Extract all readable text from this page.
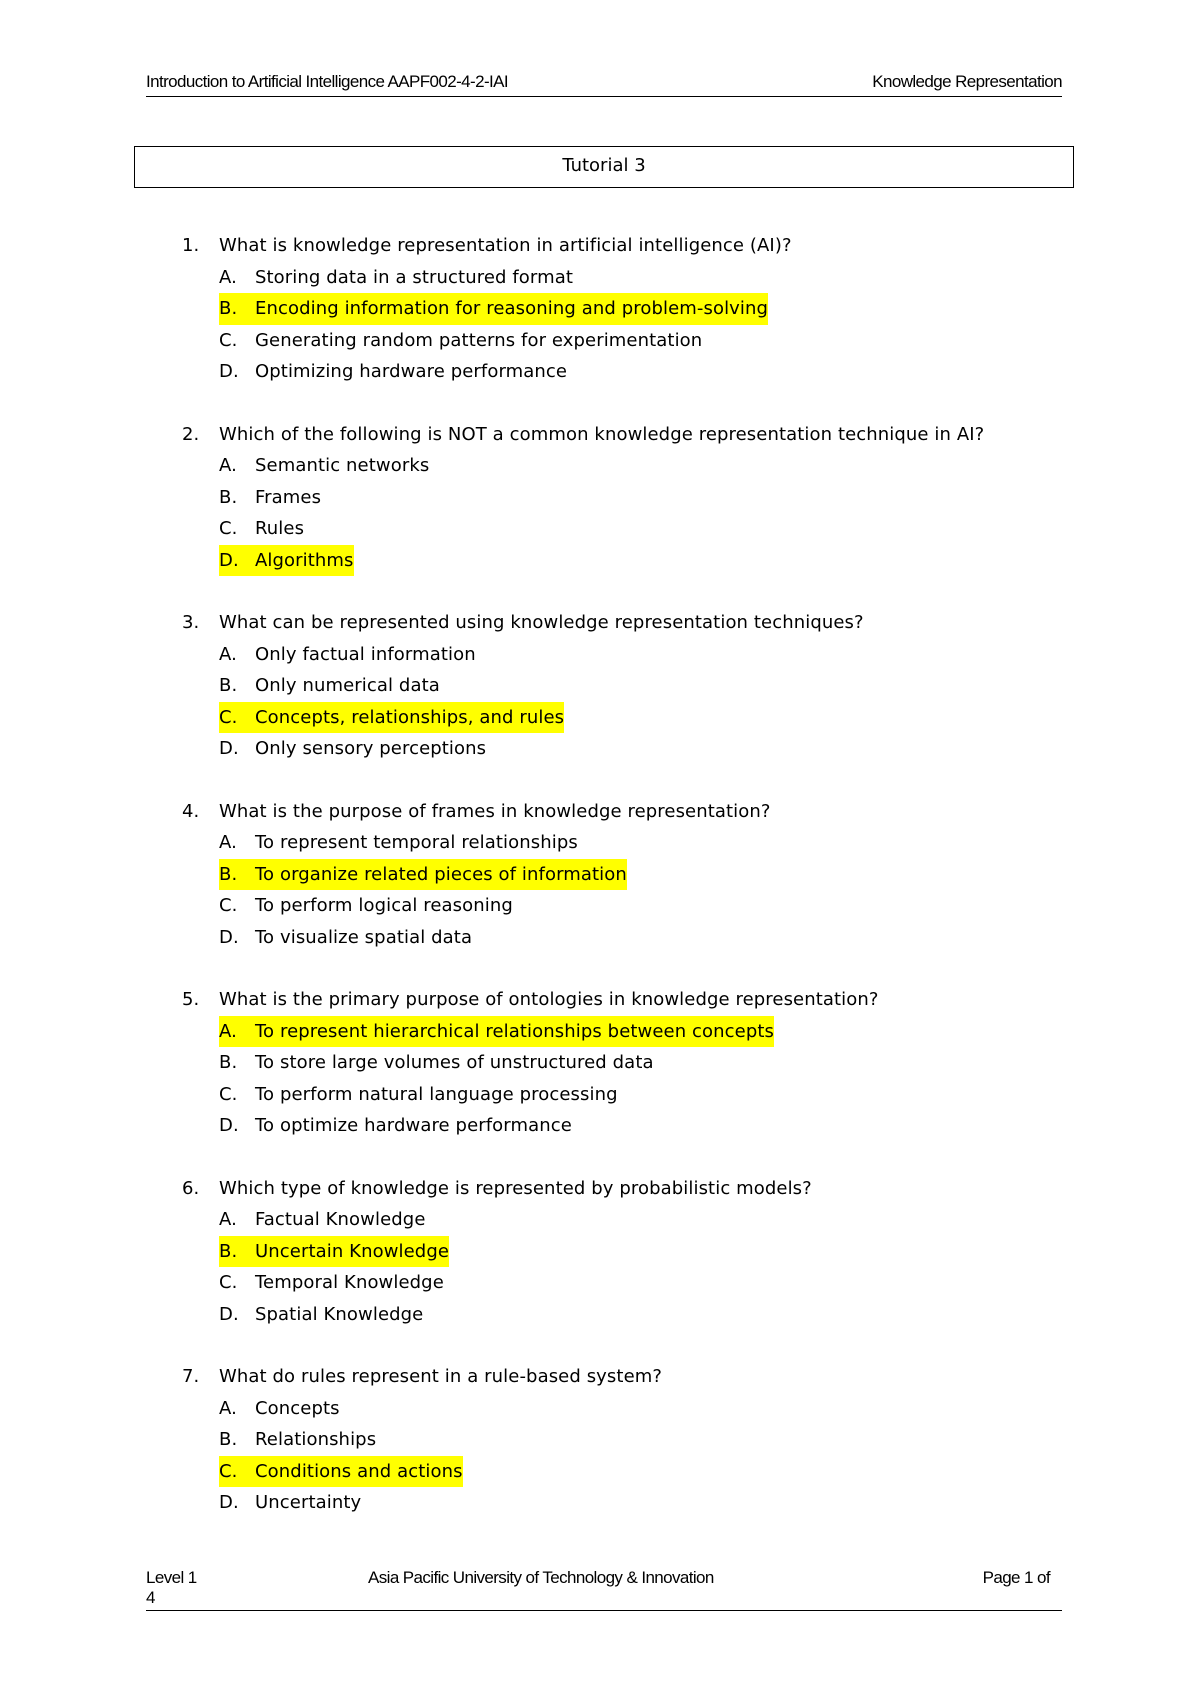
Introduction to Artificial Intelligence AAPF002-4-2-IAI	Knowledge Representation
Tutorial 3
1.	What is knowledge representation in artificial intelligence (AI)?
A. Storing data in a structured format
B. Encoding information for reasoning and problem-solving
C. Generating random patterns for experimentation
D. Optimizing hardware performance
2.	Which of the following is NOT a common knowledge representation technique in AI?
A. Semantic networks
B. Frames
C. Rules
D. Algorithms
3.	What can be represented using knowledge representation techniques?
A. Only factual information
B. Only numerical data
C. Concepts, relationships, and rules
D. Only sensory perceptions
4.	What is the purpose of frames in knowledge representation?
A. To represent temporal relationships
B. To organize related pieces of information
C. To perform logical reasoning
D. To visualize spatial data
5.	What is the primary purpose of ontologies in knowledge representation?
A. To represent hierarchical relationships between concepts
B. To store large volumes of unstructured data
C. To perform natural language processing
D. To optimize hardware performance
6.	Which type of knowledge is represented by probabilistic models?
A. Factual Knowledge
B. Uncertain Knowledge
C. Temporal Knowledge
D. Spatial Knowledge
7.	What do rules represent in a rule-based system?
A. Concepts
B. Relationships
C. Conditions and actions
D. Uncertainty
Level 1	Asia Pacific University of Technology & Innovation	Page 1 of
4
